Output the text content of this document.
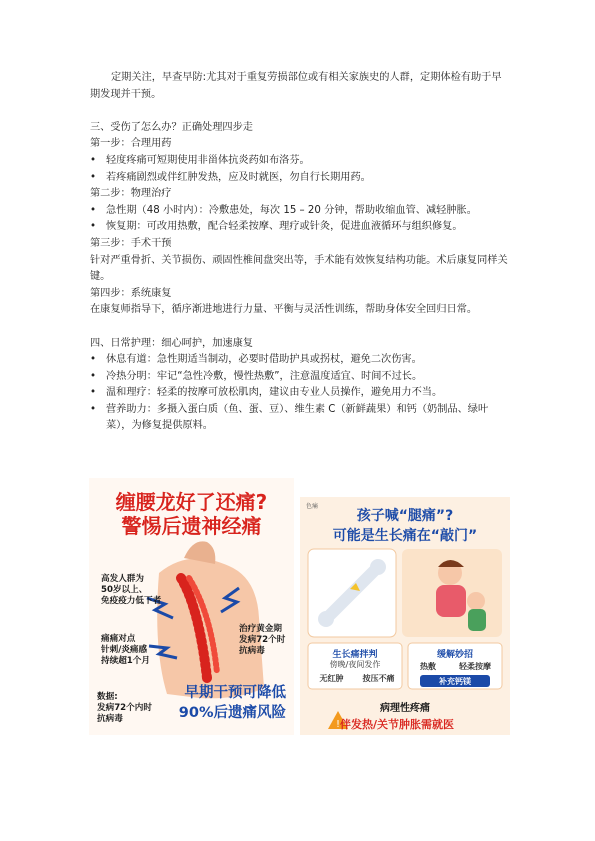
定期关注，早查早防:尤其对于重复劳损部位或有相关家族史的人群，定期体检有助于早期发现并干预。
三、受伤了怎么办？正确处理四步走
第一步：合理用药
• 轻度疼痛可短期使用非甾体抗炎药如布洛芬。
• 若疼痛剧烈或伴红肿发热，应及时就医，勿自行长期用药。
第二步：物理治疗
• 急性期（48 小时内）：冷敷患处，每次 15 – 20 分钟，帮助收缩血管、减轻肿胀。
• 恢复期：可改用热敷，配合轻柔按摩、理疗或针灸，促进血液循环与组织修复。
第三步：手术干预
针对严重骨折、关节损伤、顽固性椎间盘突出等，手术能有效恢复结构功能。术后康复同样关键。
第四步：系统康复
在康复师指导下，循序渐进地进行力量、平衡与灵活性训练，帮助身体安全回归日常。
四、日常护理：细心呵护，加速康复
• 休息有道：急性期适当制动，必要时借助护具或拐杖，避免二次伤害。
• 冷热分明：牢记“急性冷敷，慢性热敷”，注意温度适宜、时间不过长。
• 温和理疗：轻柔的按摩可放松肌肉，建议由专业人员操作，避免用力不当。
• 营养助力：多摄入蛋白质（鱼、蛋、豆）、维生素 C（新鲜蔬果）和钙（奶制品、绿叶菜），为修复提供原料。
缠腰龙好了还痛?
警惕后遗神经痛
高发人群为
50岁以上、
免疫疫力低下者
痛痛对点
针刺/炎痛感
持续超1个月
治疗黄金期
发病72个时
抗病毒
数据:
发病72个内时
抗病毒
早期干预可降低
90%后遗痛风险
!
色痛
孩子喊“腿痛”?
可能是生长痛在“敲门”
生长痛拌判
傍晚/夜间发作
无红肿	按压不痛
缓解妙招
热敷	轻柔按摩
补充钙镁
病理性疼痛
伴发热/关节肿胀需就医
